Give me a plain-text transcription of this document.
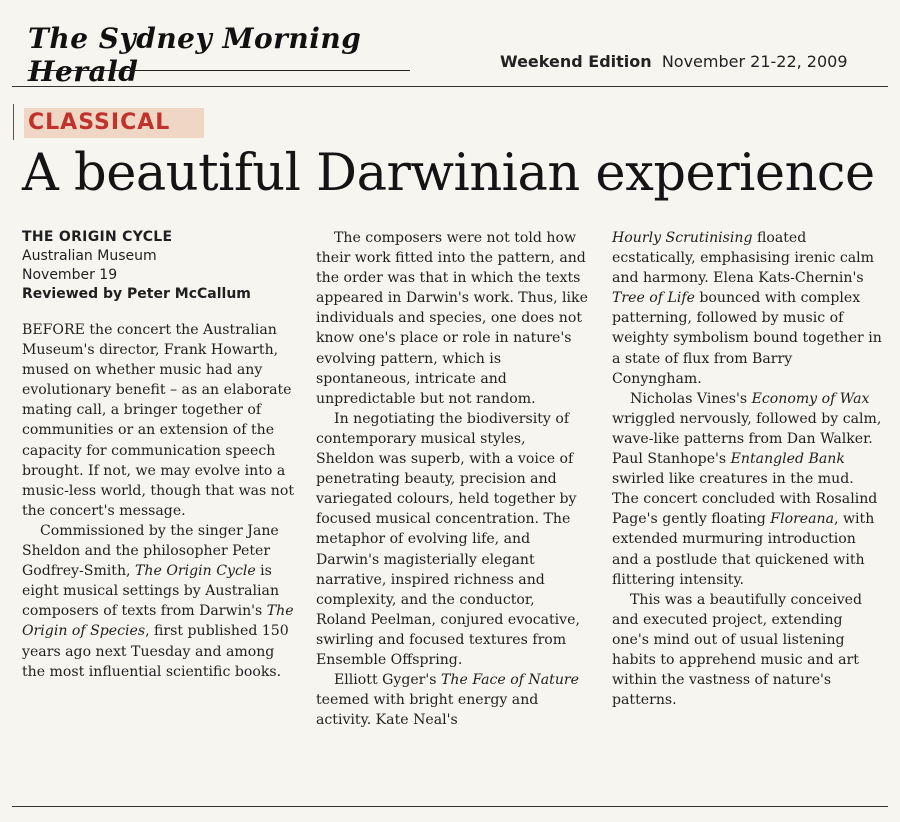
The Sydney Morning Herald	Weekend Edition November 21-22, 2009
CLASSICAL
A beautiful Darwinian experience
THE ORIGIN CYCLE
Australian Museum
November 19
Reviewed by Peter McCallum

BEFORE the concert the Australian Museum's director, Frank Howarth, mused on whether music had any evolutionary benefit – as an elaborate mating call, a bringer together of communities or an extension of the capacity for communication speech brought. If not, we may evolve into a music-less world, though that was not the concert's message.

Commissioned by the singer Jane Sheldon and the philosopher Peter Godfrey-Smith, The Origin Cycle is eight musical settings by Australian composers of texts from Darwin's The Origin of Species, first published 150 years ago next Tuesday and among the most influential scientific books.

The composers were not told how their work fitted into the pattern, and the order was that in which the texts appeared in Darwin's work. Thus, like individuals and species, one does not know one's place or role in nature's evolving pattern, which is spontaneous, intricate and unpredictable but not random.

In negotiating the biodiversity of contemporary musical styles, Sheldon was superb, with a voice of penetrating beauty, precision and variegated colours, held together by focused musical concentration. The metaphor of evolving life, and Darwin's magisterially elegant narrative, inspired richness and complexity, and the conductor, Roland Peelman, conjured evocative, swirling and focused textures from Ensemble Offspring.

Elliott Gyger's The Face of Nature teemed with bright energy and activity. Kate Neal's

Hourly Scrutinising floated ecstatically, emphasising irenic calm and harmony. Elena Kats-Chernin's Tree of Life bounced with complex patterning, followed by music of weighty symbolism bound together in a state of flux from Barry Conyngham.

Nicholas Vines's Economy of Wax wriggled nervously, followed by calm, wave-like patterns from Dan Walker. Paul Stanhope's Entangled Bank swirled like creatures in the mud. The concert concluded with Rosalind Page's gently floating Floreana, with extended murmuring introduction and a postlude that quickened with flittering intensity.

This was a beautifully conceived and executed project, extending one's mind out of usual listening habits to apprehend music and art within the vastness of nature's patterns.
